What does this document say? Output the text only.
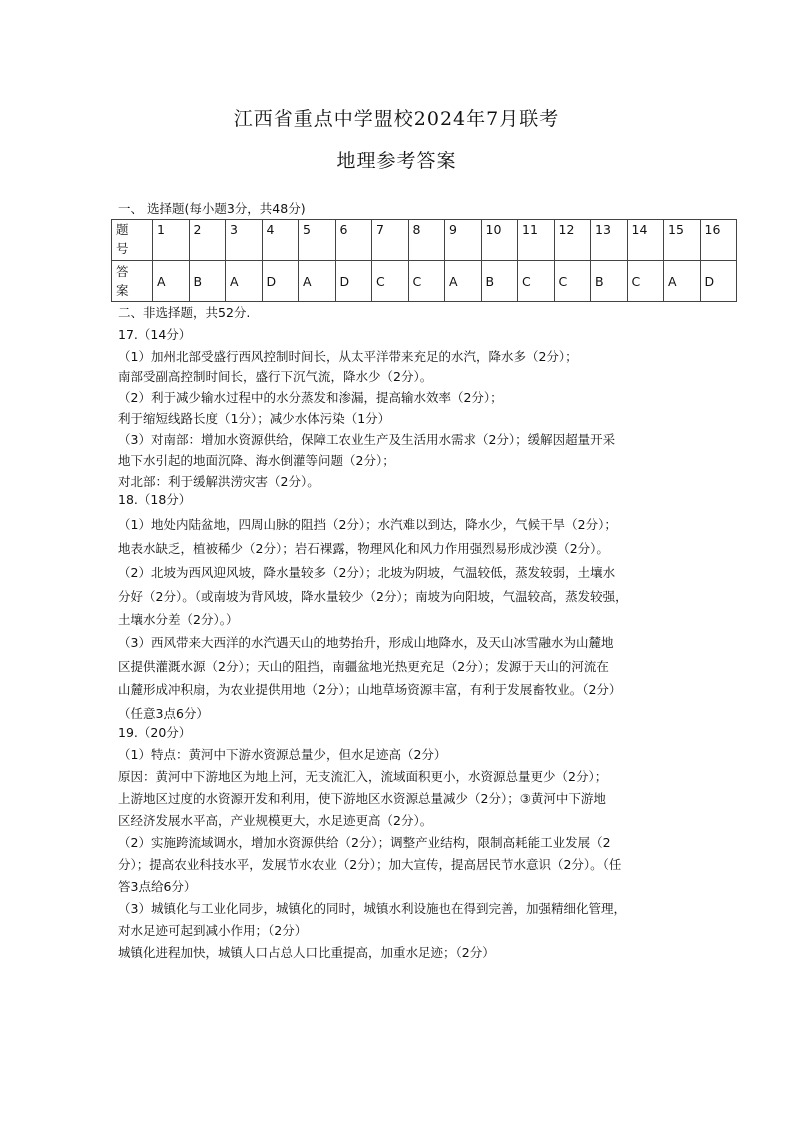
江西省重点中学盟校2024年7月联考
地理参考答案
一、 选择题(每小题3分，共48分)
题
号	1	2	3	4	5	6	7	8	9	10	11	12	13	14	15	16

答
案	A	B	A	D	A	D	C	C	A	B	C	C	B	C	A	D
二、非选择题，共52分.
17.（14分）
（1）加州北部受盛行西风控制时间长，从太平洋带来充足的水汽，降水多（2分）；
南部受副高控制时间长，盛行下沉气流，降水少（2分）。
（2）利于减少输水过程中的水分蒸发和渗漏，提高输水效率（2分）；
利于缩短线路长度（1分）；减少水体污染（1分）
（3）对南部：增加水资源供给，保障工农业生产及生活用水需求（2分）；缓解因超量开采
地下水引起的地面沉降、海水倒灌等问题（2分）；
对北部：利于缓解洪涝灾害（2分）。
18.（18分）
（1）地处内陆盆地，四周山脉的阻挡（2分）；水汽难以到达，降水少，气候干旱（2分）；
地表水缺乏，植被稀少（2分）；岩石裸露，物理风化和风力作用强烈易形成沙漠（2分）。
（2）北坡为西风迎风坡，降水量较多（2分）；北坡为阴坡，气温较低，蒸发较弱，土壤水
分好（2分）。（或南坡为背风坡，降水量较少（2分）；南坡为向阳坡，气温较高，蒸发较强，
土壤水分差（2分）。）
（3）西风带来大西洋的水汽遇天山的地势抬升，形成山地降水，及天山冰雪融水为山麓地
区提供灌溉水源（2分）；天山的阻挡，南疆盆地光热更充足（2分）；发源于天山的河流在
山麓形成冲积扇，为农业提供用地（2分）；山地草场资源丰富，有利于发展畜牧业。（2分）
（任意3点6分）
19.（20分）
（1）特点：黄河中下游水资源总量少，但水足迹高（2分）
原因：黄河中下游地区为地上河，无支流汇入，流域面积更小，水资源总量更少（2分）；
上游地区过度的水资源开发和利用，使下游地区水资源总量减少（2分）；③黄河中下游地
区经济发展水平高，产业规模更大，水足迹更高（2分）。
（2）实施跨流域调水，增加水资源供给（2分）；调整产业结构，限制高耗能工业发展（2
分）；提高农业科技水平，发展节水农业（2分）；加大宣传，提高居民节水意识（2分）。（任
答3点给6分）
（3）城镇化与工业化同步，城镇化的同时，城镇水利设施也在得到完善，加强精细化管理，
对水足迹可起到减小作用；（2分）
城镇化进程加快，城镇人口占总人口比重提高，加重水足迹；（2分）
